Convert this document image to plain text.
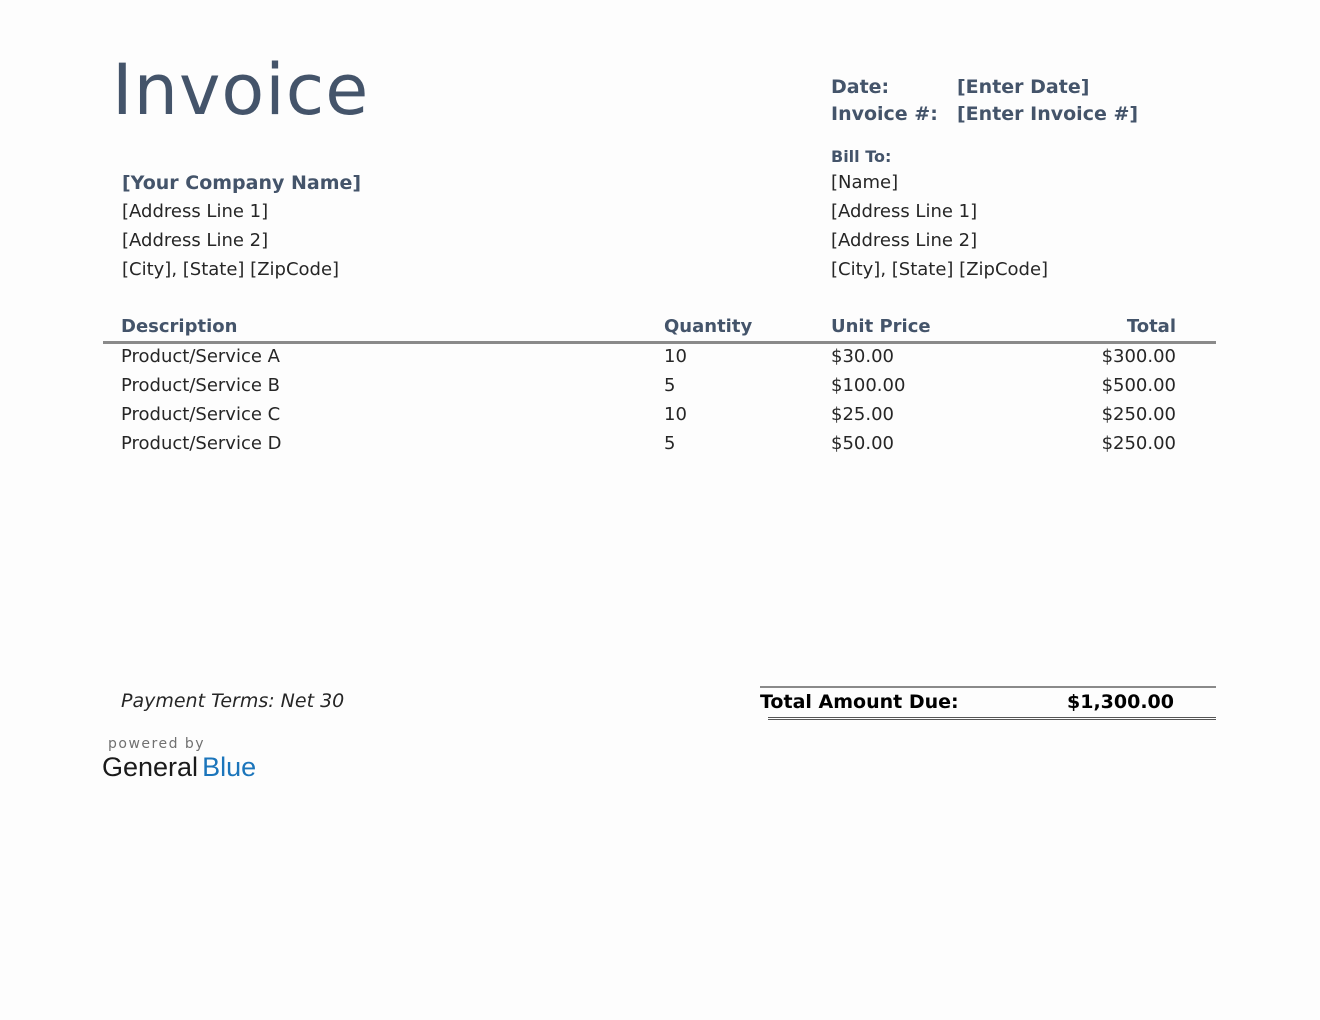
Invoice	Date:	[Enter Date]
Invoice #: [Enter Invoice #]
[Your Company Name]
[Address Line 1]
[Address Line 2]
[City], [State] [ZipCode]
Bill To:
[Name]
[Address Line 1]
[Address Line 2]
[City], [State] [ZipCode]
Description	Quantity	Unit Price	Total
Product/Service A	10	$30.00	$300.00
Product/Service B	5	$100.00	$500.00
Product/Service C	10	$25.00	$250.00
Product/Service D	5	$50.00	$250.00
Payment Terms: Net 30	Total Amount Due:	$1,300.00
powered by
General Blue
